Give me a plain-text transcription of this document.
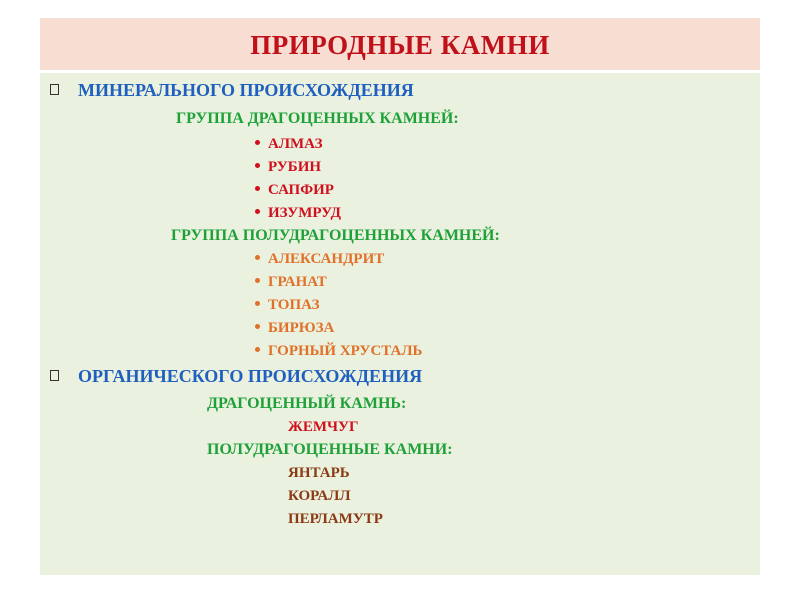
ПРИРОДНЫЕ КАМНИ
МИНЕРАЛЬНОГО ПРОИСХОЖДЕНИЯ
ГРУППА ДРАГОЦЕННЫХ КАМНЕЙ:
АЛМАЗ
РУБИН
САПФИР
ИЗУМРУД
ГРУППА ПОЛУДРАГОЦЕННЫХ КАМНЕЙ:
АЛЕКСАНДРИТ
ГРАНАТ
ТОПАЗ
БИРЮЗА
ГОРНЫЙ ХРУСТАЛЬ
ОРГАНИЧЕСКОГО ПРОИСХОЖДЕНИЯ
ДРАГОЦЕННЫЙ КАМНЬ:
ЖЕМЧУГ
ПОЛУДРАГОЦЕННЫЕ КАМНИ:
ЯНТАРЬ
КОРАЛЛ
ПЕРЛАМУТР
